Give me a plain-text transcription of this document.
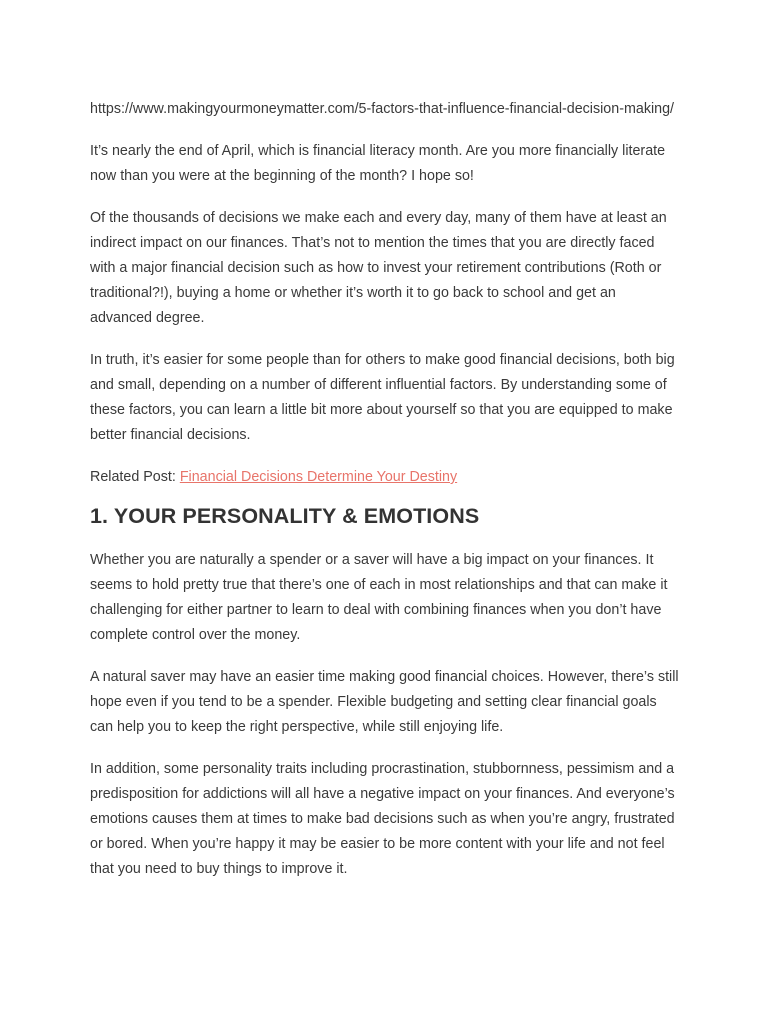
https://www.makingyourmoneymatter.com/5-factors-that-influence-financial-decision-making/

It’s nearly the end of April, which is financial literacy month. Are you more financially literate now than you were at the beginning of the month? I hope so!

Of the thousands of decisions we make each and every day, many of them have at least an indirect impact on our finances. That’s not to mention the times that you are directly faced with a major financial decision such as how to invest your retirement contributions (Roth or traditional?!), buying a home or whether it’s worth it to go back to school and get an advanced degree.

In truth, it’s easier for some people than for others to make good financial decisions, both big and small, depending on a number of different influential factors. By understanding some of these factors, you can learn a little bit more about yourself so that you are equipped to make better financial decisions.

Related Post: Financial Decisions Determine Your Destiny

1. YOUR PERSONALITY & EMOTIONS

Whether you are naturally a spender or a saver will have a big impact on your finances. It seems to hold pretty true that there’s one of each in most relationships and that can make it challenging for either partner to learn to deal with combining finances when you don’t have complete control over the money.

A natural saver may have an easier time making good financial choices. However, there’s still hope even if you tend to be a spender. Flexible budgeting and setting clear financial goals can help you to keep the right perspective, while still enjoying life.

In addition, some personality traits including procrastination, stubbornness, pessimism and a predisposition for addictions will all have a negative impact on your finances. And everyone’s emotions causes them at times to make bad decisions such as when you’re angry, frustrated or bored. When you’re happy it may be easier to be more content with your life and not feel that you need to buy things to improve it.
